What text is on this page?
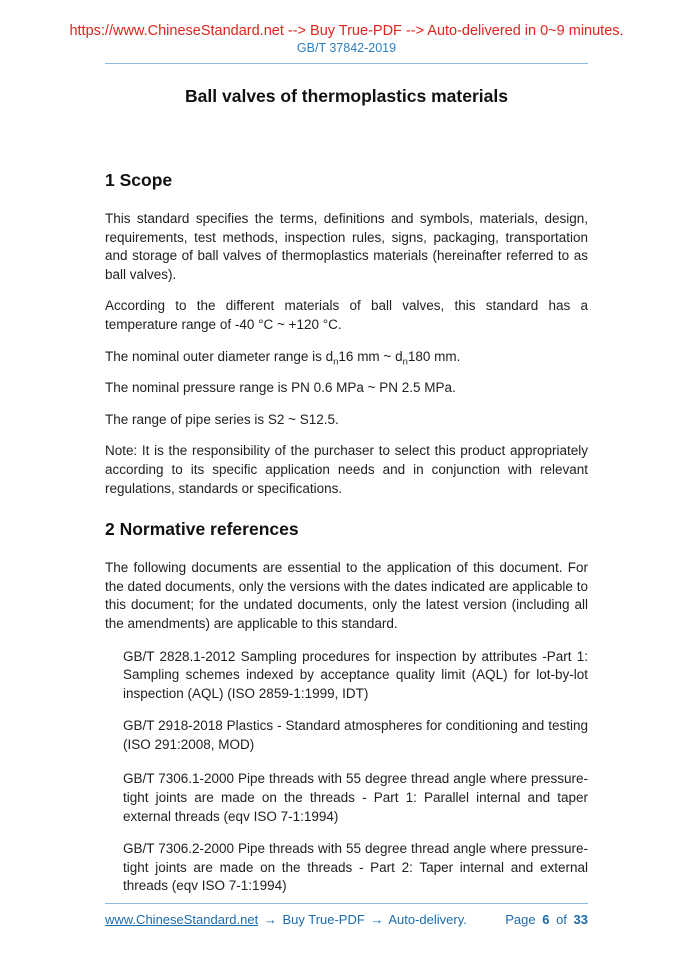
https://www.ChineseStandard.net --> Buy True-PDF --> Auto-delivered in 0~9 minutes.
GB/T 37842-2019
Ball valves of thermoplastics materials
1 Scope

This standard specifies the terms, definitions and symbols, materials, design, requirements, test methods, inspection rules, signs, packaging, transportation and storage of ball valves of thermoplastics materials (hereinafter referred to as ball valves).

According to the different materials of ball valves, this standard has a temperature range of -40 °C ~ +120 °C.

The nominal outer diameter range is $d_n16$ mm ~ $d_n180$ mm.

The nominal pressure range is PN 0.6 MPa ~ PN 2.5 MPa.

The range of pipe series is S2 ~ S12.5.

Note: It is the responsibility of the purchaser to select this product appropriately according to its specific application needs and in conjunction with relevant regulations, standards or specifications.

2 Normative references

The following documents are essential to the application of this document. For the dated documents, only the versions with the dates indicated are applicable to this document; for the undated documents, only the latest version (including all the amendments) are applicable to this standard.

GB/T 2828.1-2012 Sampling procedures for inspection by attributes -Part 1: Sampling schemes indexed by acceptance quality limit (AQL) for lot-by-lot inspection (AQL) (ISO 2859-1:1999, IDT)

GB/T 2918-2018 Plastics - Standard atmospheres for conditioning and testing (ISO 291:2008, MOD)

GB/T 7306.1-2000 Pipe threads with 55 degree thread angle where pressure-tight joints are made on the threads - Part 1: Parallel internal and taper external threads (eqv ISO 7-1:1994)

GB/T 7306.2-2000 Pipe threads with 55 degree thread angle where pressure-tight joints are made on the threads - Part 2: Taper internal and external threads (eqv ISO 7-1:1994)

www.ChineseStandard.net → Buy True-PDF → Auto-delivery.	Page 6 of 33
